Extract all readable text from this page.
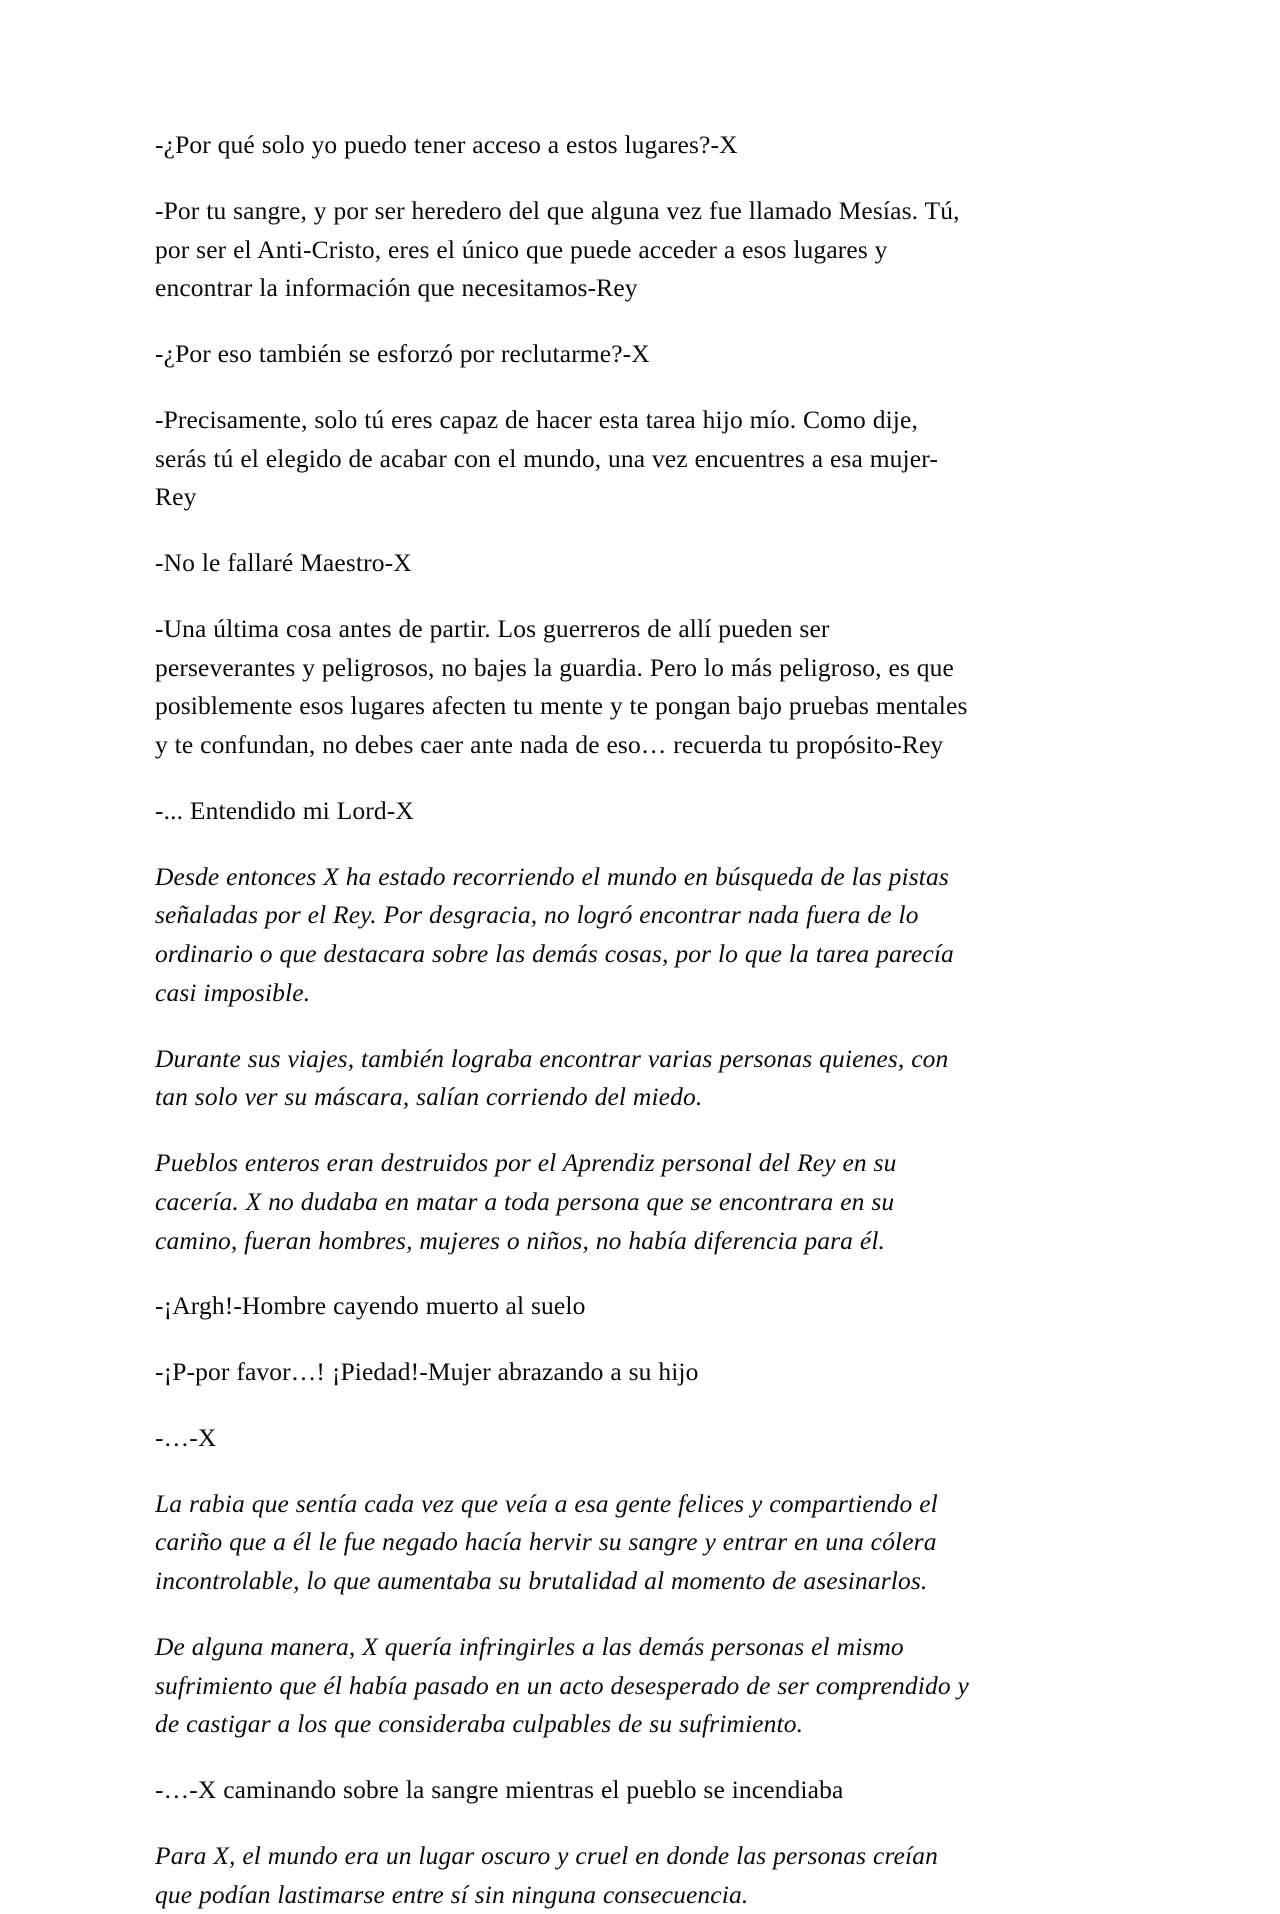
-¿Por qué solo yo puedo tener acceso a estos lugares?-X

-Por tu sangre, y por ser heredero del que alguna vez fue llamado Mesías. Tú, por ser el Anti-Cristo, eres el único que puede acceder a esos lugares y encontrar la información que necesitamos-Rey

-¿Por eso también se esforzó por reclutarme?-X

-Precisamente, solo tú eres capaz de hacer esta tarea hijo mío. Como dije, serás tú el elegido de acabar con el mundo, una vez encuentres a esa mujer-Rey

-No le fallaré Maestro-X

-Una última cosa antes de partir. Los guerreros de allí pueden ser perseverantes y peligrosos, no bajes la guardia. Pero lo más peligroso, es que posiblemente esos lugares afecten tu mente y te pongan bajo pruebas mentales y te confundan, no debes caer ante nada de eso… recuerda tu propósito-Rey

-... Entendido mi Lord-X

Desde entonces X ha estado recorriendo el mundo en búsqueda de las pistas señaladas por el Rey. Por desgracia, no logró encontrar nada fuera de lo ordinario o que destacara sobre las demás cosas, por lo que la tarea parecía casi imposible.

Durante sus viajes, también lograba encontrar varias personas quienes, con tan solo ver su máscara, salían corriendo del miedo.

Pueblos enteros eran destruidos por el Aprendiz personal del Rey en su cacería. X no dudaba en matar a toda persona que se encontrara en su camino, fueran hombres, mujeres o niños, no había diferencia para él.

-¡Argh!-Hombre cayendo muerto al suelo

-¡P-por favor…! ¡Piedad!-Mujer abrazando a su hijo

-…-X

La rabia que sentía cada vez que veía a esa gente felices y compartiendo el cariño que a él le fue negado hacía hervir su sangre y entrar en una cólera incontrolable, lo que aumentaba su brutalidad al momento de asesinarlos.

De alguna manera, X quería infringirles a las demás personas el mismo sufrimiento que él había pasado en un acto desesperado de ser comprendido y de castigar a los que consideraba culpables de su sufrimiento.

-…-X caminando sobre la sangre mientras el pueblo se incendiaba

Para X, el mundo era un lugar oscuro y cruel en donde las personas creían que podían lastimarse entre sí sin ninguna consecuencia.
